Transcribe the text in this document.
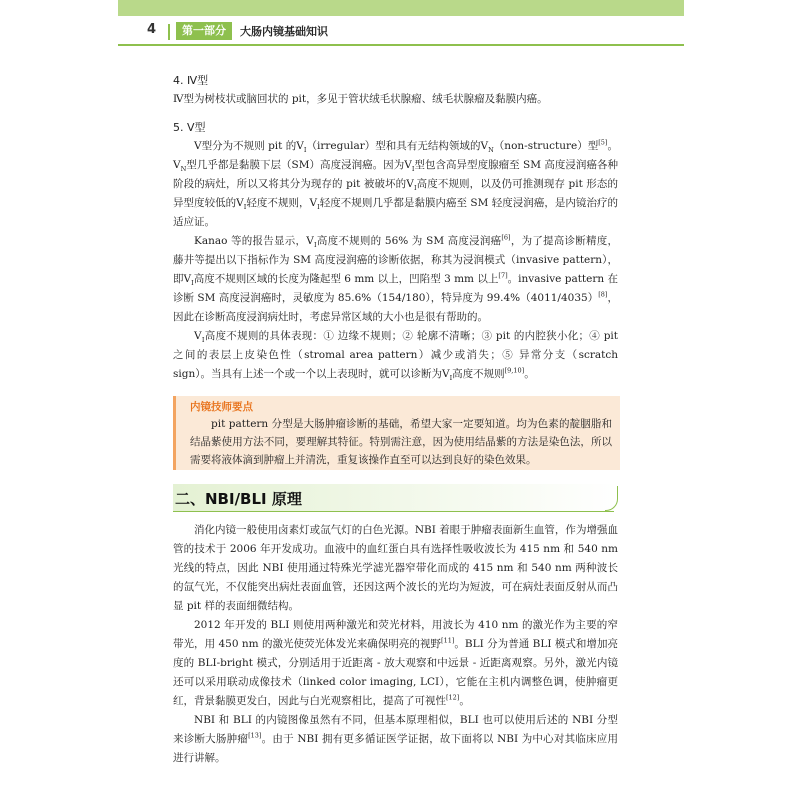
4	第一部分	大肠内镜基础知识
4. Ⅳ型

Ⅳ型为树枝状或脑回状的 pit，多见于管状绒毛状腺瘤、绒毛状腺瘤及黏膜内癌。

5. Ⅴ型

Ⅴ型分为不规则 pit 的$Ⅴ_I(irregular)$型和具有无结构领域的$Ⅴ_N(non-structure)$型[5]。$Ⅴ_N$型几乎都是黏膜下层（SM）高度浸润癌。因为$Ⅴ_I$型包含高异型度腺瘤至 SM 高度浸润癌各种阶段的病灶，所以又将其分为现存的 pit 被破坏的$Ⅴ_I$高度不规则，以及仍可推测现存 pit 形态的异型度较低的$Ⅴ_I$轻度不规则，$Ⅴ_I$轻度不规则几乎都是黏膜内癌至 SM 轻度浸润癌，是内镜治疗的适应证。

Kanao 等的报告显示，$Ⅴ_I$高度不规则的 56% 为 SM 高度浸润癌[6]，为了提高诊断精度，藤井等提出以下指标作为 SM 高度浸润癌的诊断依据，称其为浸润模式（invasive pattern），即$Ⅴ_I$高度不规则区域的长度为隆起型 6 mm 以上，凹陷型 3 mm 以上[7]。invasive pattern 在诊断 SM 高度浸润癌时，灵敏度为 85.6%（154/180），特异度为 99.4%（4011/4035）[8]，因此在诊断高度浸润病灶时，考虑异常区域的大小也是很有帮助的。

$Ⅴ_I$高度不规则的具体表现：① 边缘不规则；② 轮廓不清晰；③ pit 的内腔狭小化；④ pit 之间的表层上皮染色性（stromal area pattern）减少或消失；⑤ 异常分支（scratch sign）。当具有上述一个或一个以上表现时，就可以诊断为$Ⅴ_I$高度不规则[9,10]。

内镜技师要点

pit pattern 分型是大肠肿瘤诊断的基础，希望大家一定要知道。均为色素的靛胭脂和结晶紫使用方法不同，要理解其特征。特别需注意，因为使用结晶紫的方法是染色法，所以需要将液体滴到肿瘤上并清洗，重复该操作直至可以达到良好的染色效果。

二、NBI/BLI 原理

消化内镜一般使用卤素灯或氙气灯的白色光源。NBI 着眼于肿瘤表面新生血管，作为增强血管的技术于 2006 年开发成功。血液中的血红蛋白具有选择性吸收波长为 415 nm 和 540 nm 光线的特点，因此 NBI 使用通过特殊光学滤光器窄带化而成的 415 nm 和 540 nm 两种波长的氙气光，不仅能突出病灶表面血管，还因这两个波长的光均为短波，可在病灶表面反射从而凸显 pit 样的表面细微结构。

2012 年开发的 BLI 则使用两种激光和荧光材料，用波长为 410 nm 的激光作为主要的窄带光，用 450 nm 的激光使荧光体发光来确保明亮的视野[11]。BLI 分为普通 BLI 模式和增加亮度的 BLI-bright 模式，分别适用于近距离 - 放大观察和中远景 - 近距离观察。另外，激光内镜还可以采用联动成像技术（linked color imaging, LCI），它能在主机内调整色调，使肿瘤更红，背景黏膜更发白，因此与白光观察相比，提高了可视性[12]。

NBI 和 BLI 的内镜图像虽然有不同，但基本原理相似，BLI 也可以使用后述的 NBI 分型来诊断大肠肿瘤[13]。由于 NBI 拥有更多循证医学证据，故下面将以 NBI 为中心对其临床应用进行讲解。
